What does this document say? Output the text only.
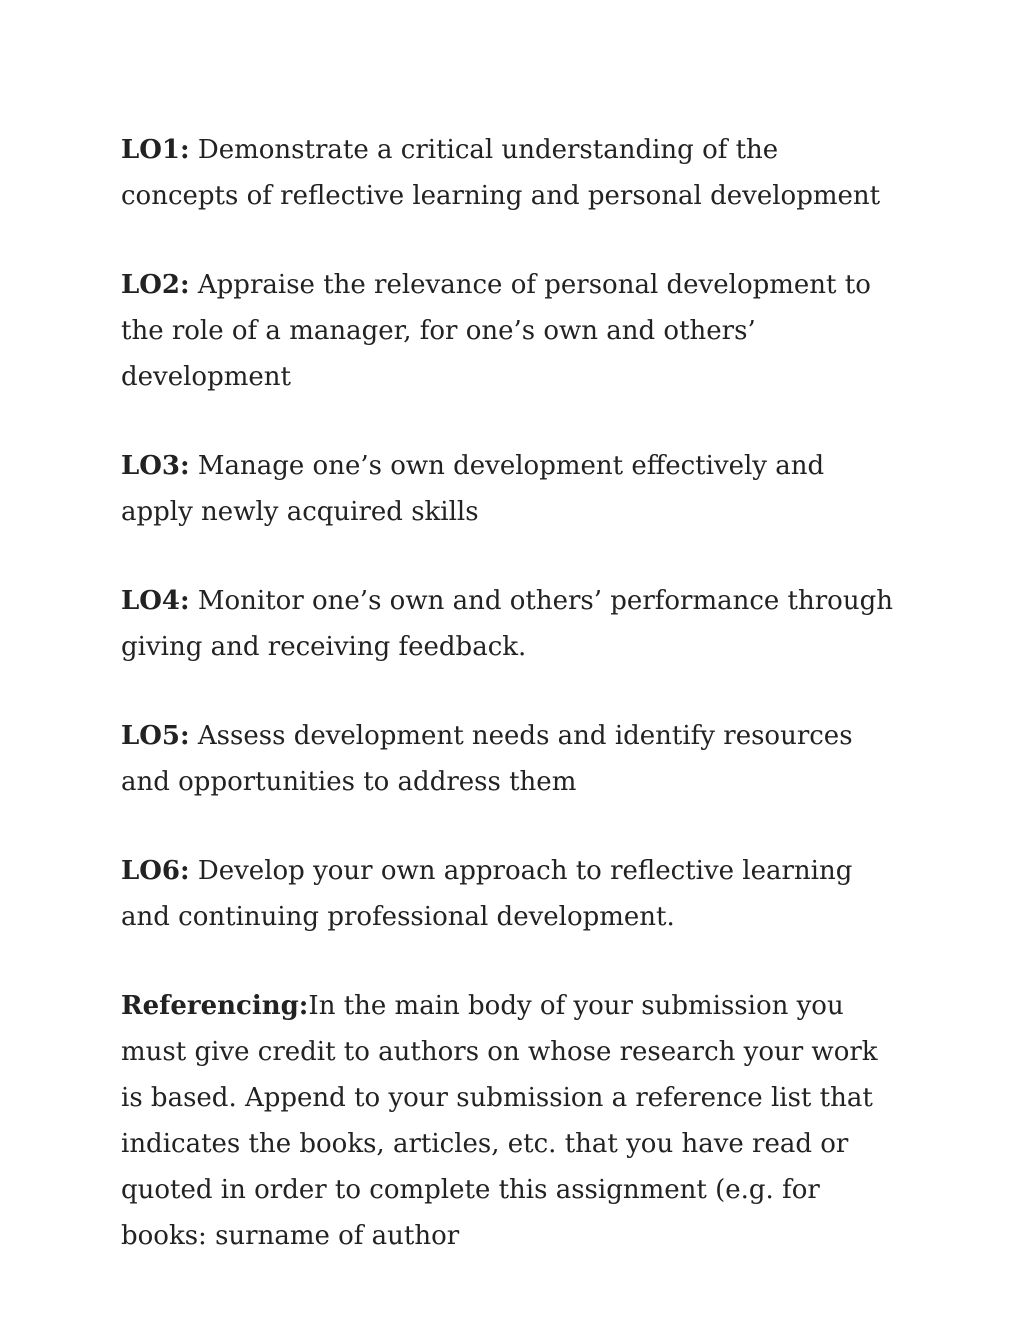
LO1: Demonstrate a critical understanding of the concepts of reflective learning and personal development

LO2: Appraise the relevance of personal development to the role of a manager, for one’s own and others’ development

LO3: Manage one’s own development effectively and apply newly acquired skills

LO4: Monitor one’s own and others’ performance through giving and receiving feedback.

LO5: Assess development needs and identify resources and opportunities to address them

LO6: Develop your own approach to reflective learning and continuing professional development.

Referencing:In the main body of your submission you must give credit to authors on whose research your work is based. Append to your submission a reference list that indicates the books, articles, etc. that you have read or quoted in order to complete this assignment (e.g. for books: surname of author
